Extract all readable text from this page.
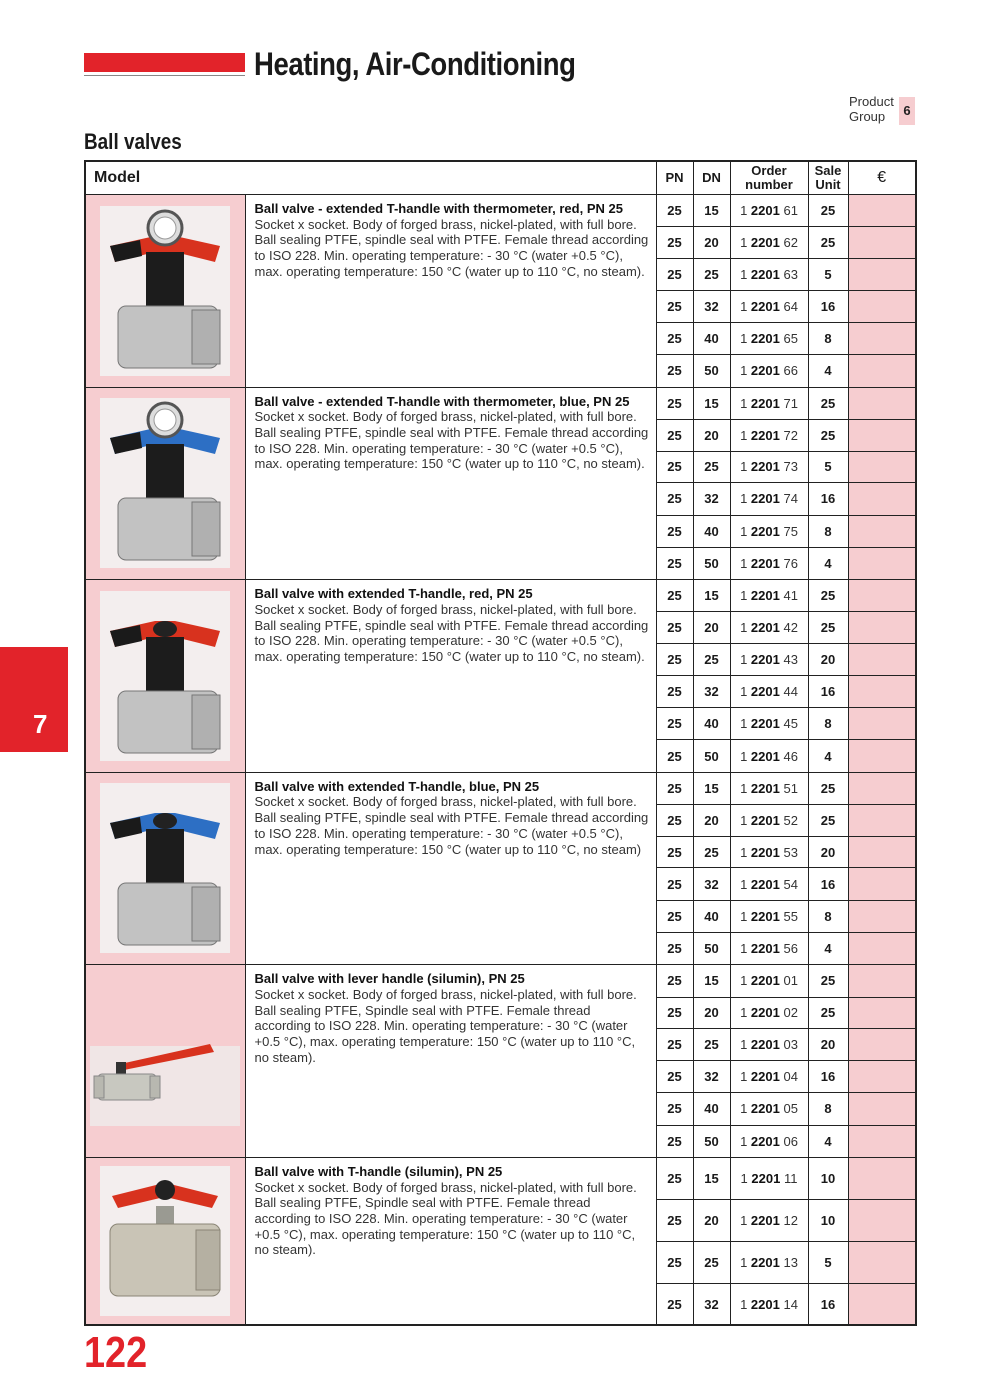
Heating, Air-Conditioning
Product Group	6
Ball valves
7
Model		PN	DN	Order number	Sale Unit	€

Ball valve - extended T-handle with thermometer, red, PN 25
Socket x socket. Body of forged brass, nickel-plated, with full bore. Ball sealing PTFE, spindle seal with PTFE. Female thread according to ISO 228. Min. operating temperature: - 30 °C (water +0.5 °C), max. operating temperature: 150 °C (water up to 110 °C, no steam).	25	15	1 2201 61	25	
		25	20	1 2201 62	25	
		25	25	1 2201 63	5	
		25	32	1 2201 64	16	
		25	40	1 2201 65	8	
		25	50	1 2201 66	4	

Ball valve - extended T-handle with thermometer, blue, PN 25
Socket x socket. Body of forged brass, nickel-plated, with full bore. Ball sealing PTFE, spindle seal with PTFE. Female thread according to ISO 228. Min. operating temperature: - 30 °C (water +0.5 °C), max. operating temperature: 150 °C (water up to 110 °C, no steam).	25	15	1 2201 71	25	
		25	20	1 2201 72	25	
		25	25	1 2201 73	5	
		25	32	1 2201 74	16	
		25	40	1 2201 75	8	
		25	50	1 2201 76	4	

Ball valve with extended T-handle, red, PN 25
Socket x socket. Body of forged brass, nickel-plated, with full bore. Ball sealing PTFE, spindle seal with PTFE. Female thread according to ISO 228. Min. operating temperature: - 30 °C (water +0.5 °C), max. operating temperature: 150 °C (water up to 110 °C, no steam).	25	15	1 2201 41	25	
		25	20	1 2201 42	25	
		25	25	1 2201 43	20	
		25	32	1 2201 44	16	
		25	40	1 2201 45	8	
		25	50	1 2201 46	4	

Ball valve with extended T-handle, blue, PN 25
Socket x socket. Body of forged brass, nickel-plated, with full bore. Ball sealing PTFE, spindle seal with PTFE. Female thread according to ISO 228. Min. operating temperature: - 30 °C (water +0.5 °C), max. operating temperature: 150 °C (water up to 110 °C, no steam)	25	15	1 2201 51	25	
		25	20	1 2201 52	25	
		25	25	1 2201 53	20	
		25	32	1 2201 54	16	
		25	40	1 2201 55	8	
		25	50	1 2201 56	4	

Ball valve with lever handle (silumin), PN 25
Socket x socket. Body of forged brass, nickel-plated, with full bore. Ball sealing PTFE, Spindle seal with PTFE. Female thread according to ISO 228. Min. operating temperature: - 30 °C (water +0.5 °C), max. operating temperature: 150 °C (water up to 110 °C, no steam).	25	15	1 2201 01	25	
		25	20	1 2201 02	25	
		25	25	1 2201 03	20	
		25	32	1 2201 04	16	
		25	40	1 2201 05	8	
		25	50	1 2201 06	4	

Ball valve with T-handle (silumin), PN 25
Socket x socket. Body of forged brass, nickel-plated, with full bore. Ball sealing PTFE, Spindle seal with PTFE. Female thread according to ISO 228. Min. operating temperature: - 30 °C (water +0.5 °C), max. operating temperature: 150 °C (water up to 110 °C, no steam).	25	15	1 2201 11	10	
		25	20	1 2201 12	10	
		25	25	1 2201 13	5	
		25	32	1 2201 14	16	
122
